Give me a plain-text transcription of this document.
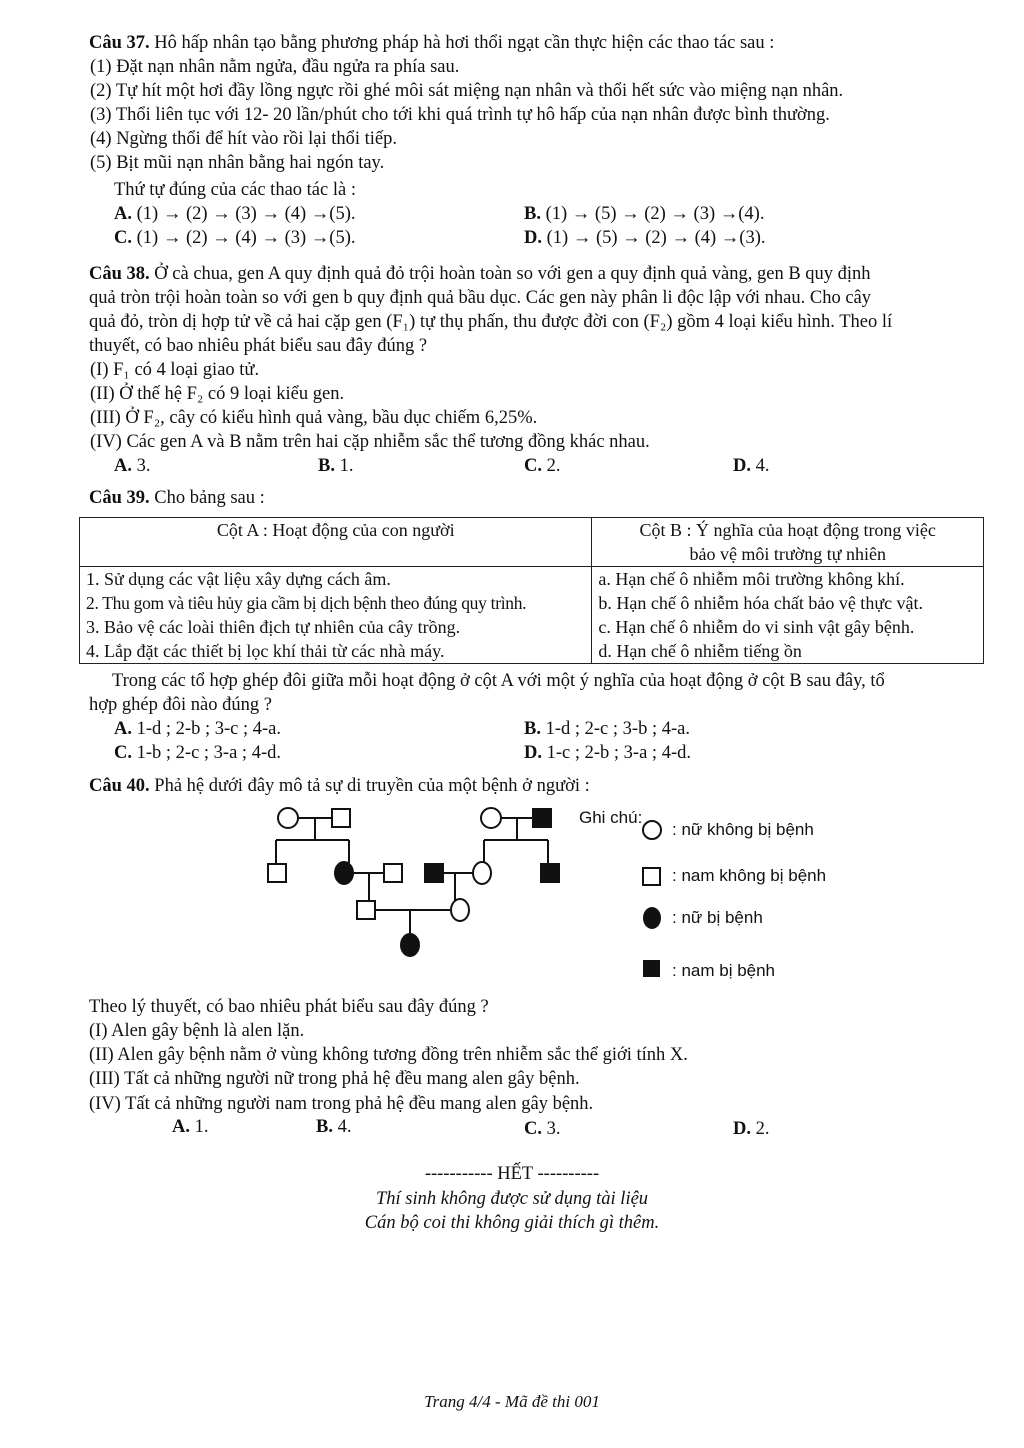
Câu 37. Hô hấp nhân tạo bằng phương pháp hà hơi thổi ngạt cần thực hiện các thao tác sau :
(1) Đặt nạn nhân nằm ngửa, đầu ngửa ra phía sau.
(2) Tự hít một hơi đầy lồng ngực rồi ghé môi sát miệng nạn nhân và thổi hết sức vào miệng nạn nhân.
(3) Thổi liên tục với 12- 20 lần/phút cho tới khi quá trình tự hô hấp của nạn nhân được bình thường.
(4) Ngừng thổi để hít vào rồi lại thổi tiếp.
(5) Bịt mũi nạn nhân bằng hai ngón tay.
Thứ tự đúng của các thao tác là :
A. (1) → (2) → (3) → (4) →(5).	B. (1) → (5) → (2) → (3) →(4).
C. (1) → (2) → (4) → (3) →(5).	D. (1) → (5) → (2) → (4) →(3).
Câu 38. Ở cà chua, gen A quy định quả đỏ trội hoàn toàn so với gen a quy định quả vàng, gen B quy định
quả tròn trội hoàn toàn so với gen b quy định quả bầu dục. Các gen này phân li độc lập với nhau. Cho cây
quả đỏ, tròn dị hợp tử về cả hai cặp gen (F₁) tự thụ phấn, thu được đời con (F₂) gồm 4 loại kiểu hình. Theo lí
thuyết, có bao nhiêu phát biểu sau đây đúng ?
(I) F₁ có 4 loại giao tử.
(II) Ở thế hệ F₂ có 9 loại kiểu gen.
(III) Ở F₂, cây có kiểu hình quả vàng, bầu dục chiếm 6,25%.
(IV) Các gen A và B nằm trên hai cặp nhiễm sắc thể tương đồng khác nhau.
A. 3.	B. 1.	C. 2.	D. 4.
Câu 39. Cho bảng sau :
Cột A : Hoạt động của con người	Cột B : Ý nghĩa của hoạt động trong việc
bảo vệ môi trường tự nhiên
1. Sử dụng các vật liệu xây dựng cách âm.	a. Hạn chế ô nhiễm môi trường không khí.
2. Thu gom và tiêu hủy gia cầm bị dịch bệnh theo đúng quy trình.	b. Hạn chế ô nhiễm hóa chất bảo vệ thực vật.
3. Bảo vệ các loài thiên địch tự nhiên của cây trồng.	c. Hạn chế ô nhiễm do vi sinh vật gây bệnh.
4. Lắp đặt các thiết bị lọc khí thải từ các nhà máy.	d. Hạn chế ô nhiễm tiếng ồn
Trong các tổ hợp ghép đôi giữa mỗi hoạt động ở cột A với một ý nghĩa của hoạt động ở cột B sau đây, tổ
hợp ghép đôi nào đúng ?
A. 1-d ; 2-b ; 3-c ; 4-a.	B. 1-d ; 2-c ; 3-b ; 4-a.
C. 1-b ; 2-c ; 3-a ; 4-d.	D. 1-c ; 2-b ; 3-a ; 4-d.
Câu 40. Phả hệ dưới đây mô tả sự di truyền của một bệnh ở người :
Ghi chú:
: nữ không bị bệnh
: nam không bị bệnh
: nữ bị bệnh
: nam bị bệnh
Theo lý thuyết, có bao nhiêu phát biểu sau đây đúng ?
(I) Alen gây bệnh là alen lặn.
(II) Alen gây bệnh nằm ở vùng không tương đồng trên nhiễm sắc thể giới tính X.
(III) Tất cả những người nữ trong phả hệ đều mang alen gây bệnh.
(IV) Tất cả những người nam trong phả hệ đều mang alen gây bệnh.
A. 1.	B. 4.	C. 3.	D. 2.
----------- HẾT ----------
Thí sinh không được sử dụng tài liệu
Cán bộ coi thi không giải thích gì thêm.
Trang 4/4 - Mã đề thi 001
